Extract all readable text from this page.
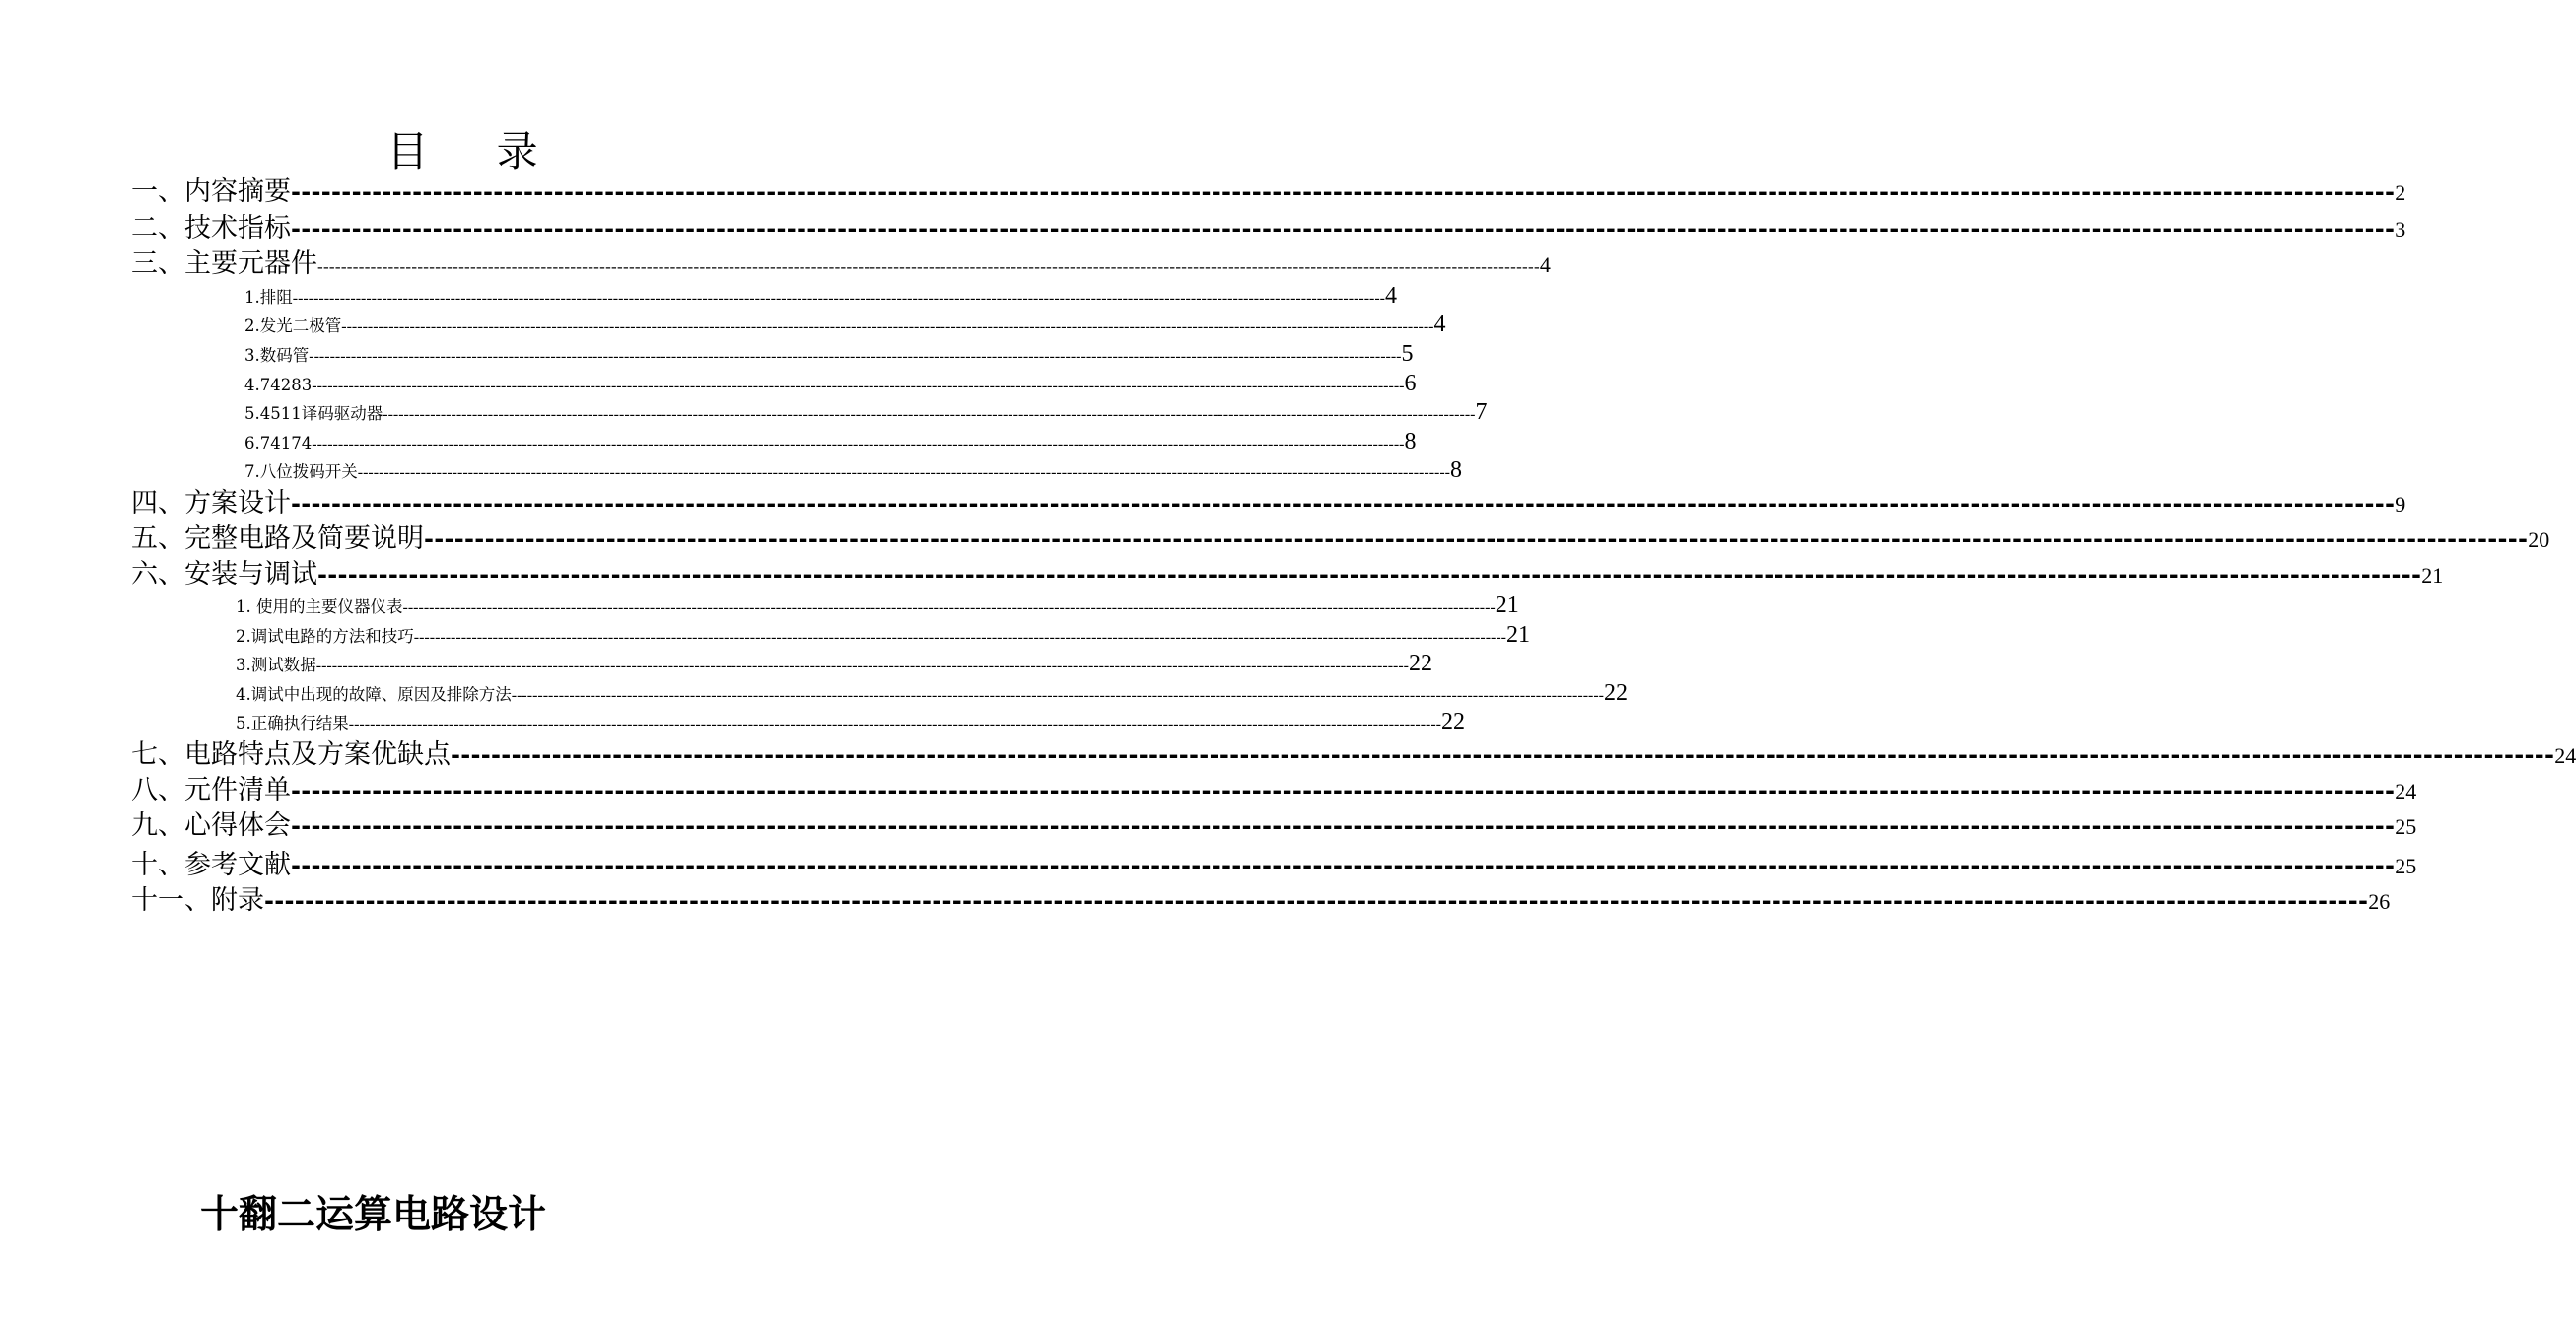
目 录
一、内容摘要 ---------------------------------------------------------------------------------------------------------------------------------------------------------------------------------------------------------------- 2
二、技术指标 ---------------------------------------------------------------------------------------------------------------------------------------------------------------------------------------------------------------- 3
三、主要元器件 ---------------------------------------------------------------------------------------------------------------------------------------------------------------------------------------------------------------- 4
1.排阻 ---------------------------------------------------------------------------------------------------------------------------------------------------------------------------------------------------------------- 4
2.发光二极管 ---------------------------------------------------------------------------------------------------------------------------------------------------------------------------------------------------------------- 4
3.数码管 ---------------------------------------------------------------------------------------------------------------------------------------------------------------------------------------------------------------- 5
4.74283 ---------------------------------------------------------------------------------------------------------------------------------------------------------------------------------------------------------------- 6
5.4511译码驱动器 ---------------------------------------------------------------------------------------------------------------------------------------------------------------------------------------------------------------- 7
6.74174 ---------------------------------------------------------------------------------------------------------------------------------------------------------------------------------------------------------------- 8
7.八位拨码开关 ---------------------------------------------------------------------------------------------------------------------------------------------------------------------------------------------------------------- 8
四、方案设计 ---------------------------------------------------------------------------------------------------------------------------------------------------------------------------------------------------------------- 9
五、完整电路及简要说明 ---------------------------------------------------------------------------------------------------------------------------------------------------------------------------------------------------------------- 20
六、安装与调试 ---------------------------------------------------------------------------------------------------------------------------------------------------------------------------------------------------------------- 21
1. 使用的主要仪器仪表 ---------------------------------------------------------------------------------------------------------------------------------------------------------------------------------------------------------------- 21
2.调试电路的方法和技巧 ---------------------------------------------------------------------------------------------------------------------------------------------------------------------------------------------------------------- 21
3.测试数据 ---------------------------------------------------------------------------------------------------------------------------------------------------------------------------------------------------------------- 22
4.调试中出现的故障、原因及排除方法 ---------------------------------------------------------------------------------------------------------------------------------------------------------------------------------------------------------------- 22
5.正确执行结果 ---------------------------------------------------------------------------------------------------------------------------------------------------------------------------------------------------------------- 22
七、电路特点及方案优缺点 ---------------------------------------------------------------------------------------------------------------------------------------------------------------------------------------------------------------- 24
八、元件清单 ---------------------------------------------------------------------------------------------------------------------------------------------------------------------------------------------------------------- 24
九、心得体会 ---------------------------------------------------------------------------------------------------------------------------------------------------------------------------------------------------------------- 25
十、参考文献 ---------------------------------------------------------------------------------------------------------------------------------------------------------------------------------------------------------------- 25
十一、附录 ---------------------------------------------------------------------------------------------------------------------------------------------------------------------------------------------------------------- 26
十翻二运算电路设计
